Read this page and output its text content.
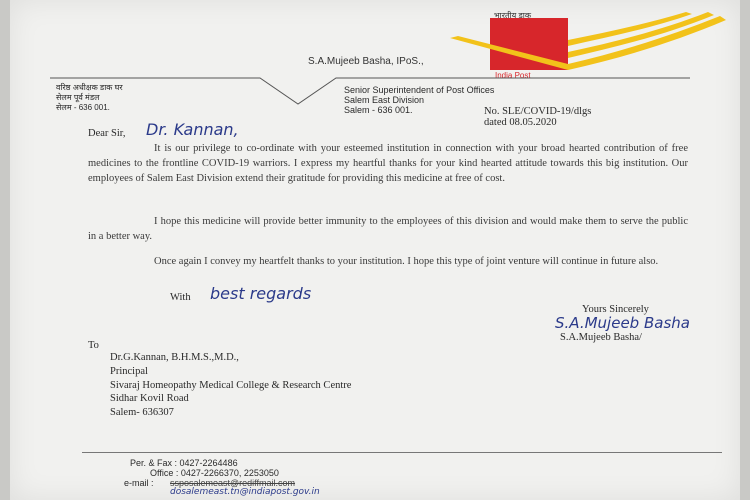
भारतीय डाक
India Post
S.A.Mujeeb Basha, IPoS.,
वरिष्ठ अधीक्षक डाक घर
सेलम पूर्व मंडल
सेलम - 636 001.
Senior Superintendent of Post Offices
Salem East Division
Salem - 636 001.	No. SLE/COVID-19/dlgs
dated 08.05.2020
Dear Sir, Dr. Kannan,
It is our privilege to co-ordinate with your esteemed institution in connection with your broad hearted contribution of free medicines to the frontline COVID-19 warriors. I express my heartful thanks for your kind hearted attitude towards this big institution. Our employees of Salem East Division extend their gratitude for providing this medicine at free of cost.
I hope this medicine will provide better immunity to the employees of this division and would make them to serve the public in a better way.
Once again I convey my heartfelt thanks to your institution. I hope this type of joint venture will continue in future also.
With best regards
Yours Sincerely
S.A.Mujeeb Basha
S.A.Mujeeb Basha/
To
Dr.G.Kannan, B.H.M.S.,M.D.,
Principal
Sivaraj Homeopathy Medical College & Research Centre
Sidhar Kovil Road
Salem- 636307
Per. & Fax : 0427-2264486
Office : 0427-2266370, 2253050
e-mail : ssposalemeast@rediffmail.com
dosalemeast.tn@indiapost.gov.in
